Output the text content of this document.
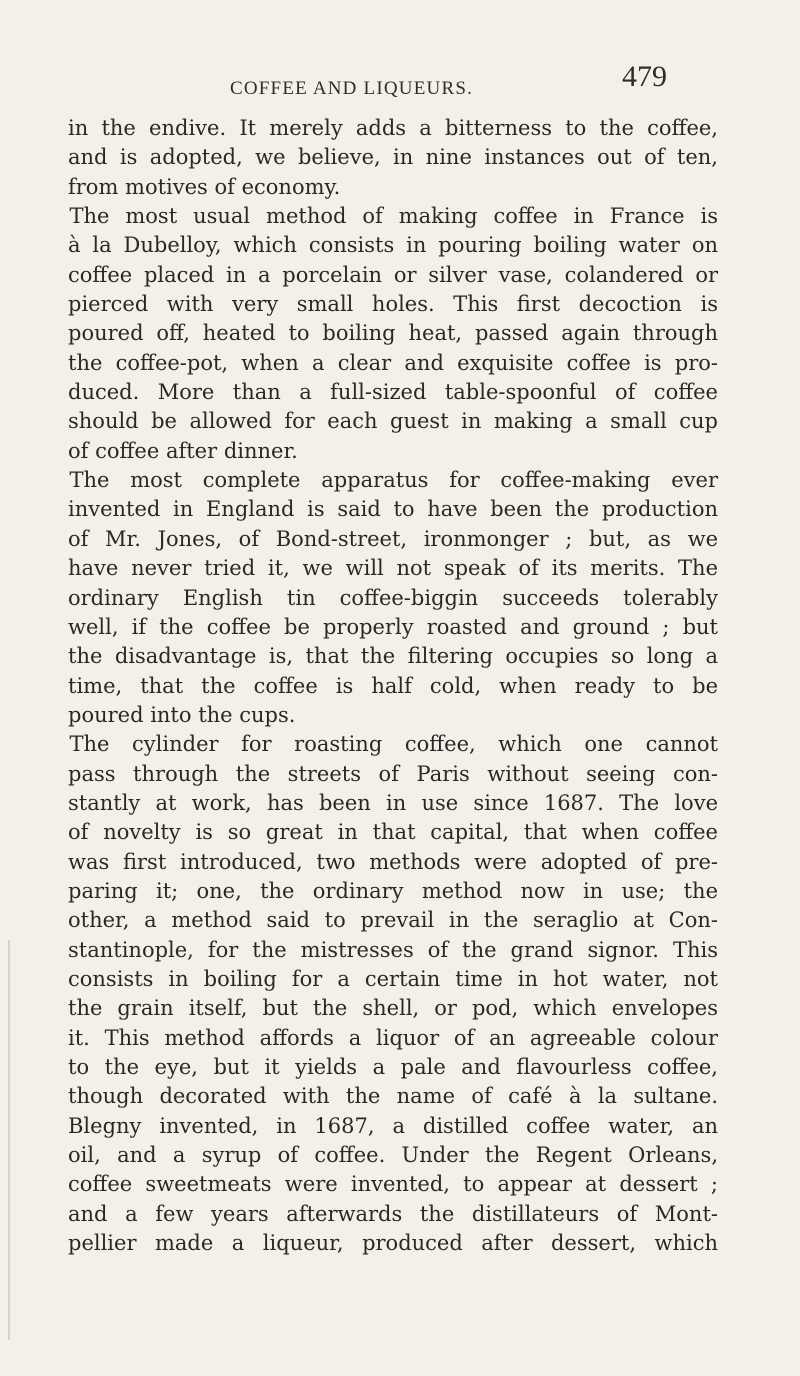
COFFEE AND LIQUEURS.	479
in the endive. It merely adds a bitterness to the coffee,
and is adopted, we believe, in nine instances out of ten,
from motives of economy.
The most usual method of making coffee in France is
à la Dubelloy, which consists in pouring boiling water on
coffee placed in a porcelain or silver vase, colandered or
pierced with very small holes. This first decoction is
poured off, heated to boiling heat, passed again through
the coffee-pot, when a clear and exquisite coffee is pro-
duced. More than a full-sized table-spoonful of coffee
should be allowed for each guest in making a small cup
of coffee after dinner.
The most complete apparatus for coffee-making ever
invented in England is said to have been the production
of Mr. Jones, of Bond-street, ironmonger ; but, as we
have never tried it, we will not speak of its merits. The
ordinary English tin coffee-biggin succeeds tolerably
well, if the coffee be properly roasted and ground ; but
the disadvantage is, that the filtering occupies so long a
time, that the coffee is half cold, when ready to be
poured into the cups.
The cylinder for roasting coffee, which one cannot
pass through the streets of Paris without seeing con-
stantly at work, has been in use since 1687. The love
of novelty is so great in that capital, that when coffee
was first introduced, two methods were adopted of pre-
paring it; one, the ordinary method now in use; the
other, a method said to prevail in the seraglio at Con-
stantinople, for the mistresses of the grand signor. This
consists in boiling for a certain time in hot water, not
the grain itself, but the shell, or pod, which envelopes
it. This method affords a liquor of an agreeable colour
to the eye, but it yields a pale and flavourless coffee,
though decorated with the name of café à la sultane.
Blegny invented, in 1687, a distilled coffee water, an
oil, and a syrup of coffee. Under the Regent Orleans,
coffee sweetmeats were invented, to appear at dessert ;
and a few years afterwards the distillateurs of Mont-
pellier made a liqueur, produced after dessert, which
